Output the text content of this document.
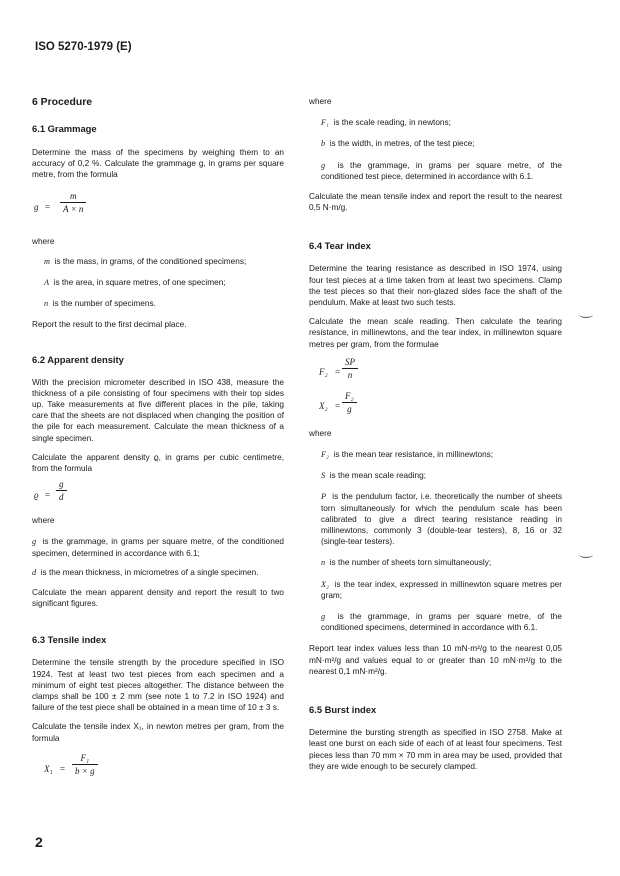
ISO 5270-1979 (E)
6 Procedure
6.1 Grammage

Determine the mass of the specimens by weighing them to an accuracy of 0,2 %. Calculate the grammage g, in grams per square metre, from the formula

$g = \frac{m}{A \times n}$

where

m is the mass, in grams, of the conditioned specimens;

A is the area, in square metres, of one specimen;

n is the number of specimens.

Report the result to the first decimal place.

6.2 Apparent density

With the precision micrometer described in ISO 438, measure the thickness of a pile consisting of four specimens with their top sides up. Take measurements at five different places in the pile, taking care that the sheets are not displaced when changing the position of the pile for each measurement. Calculate the mean thickness of a single specimen.

Calculate the apparent density ϱ, in grams per cubic centimetre, from the formula

$ϱ = \frac{g}{d}$

where

g is the grammage, in grams per square metre, of the conditioned specimen, determined in accordance with 6.1;

d is the mean thickness, in micrometres of a single specimen.

Calculate the mean apparent density and report the result to two significant figures.

6.3 Tensile index

Determine the tensile strength by the procedure specified in ISO 1924. Test at least two test pieces from each specimen and a minimum of eight test pieces altogether. The distance between the clamps shall be 100 ± 2 mm (see note 1 to 7.2 in ISO 1924) and failure of the test piece shall be obtained in a mean time of 10 ± 3 s.

Calculate the tensile index X₁, in newton metres per gram, from the formula

$X_1 = \frac{\text{F₁}}{b \times g}$

where

F₁ is the scale reading, in newtons;

b is the width, in metres, of the test piece;

g is the grammage, in grams per square metre, of the conditioned test piece, determined in accordance with 6.1.

Calculate the mean tensile index and report the result to the nearest 0,5 N·m/g.

6.4 Tear index

Determine the tearing resistance as described in ISO 1974, using four test pieces at a time taken from at least two specimens. Clamp the test pieces so that their non-glazed sides face the shaft of the pendulum. Make at least two such tests.

Calculate the mean scale reading. Then calculate the tearing resistance, in millinewtons, and the tear index, in millinewton square metres per gram, from the formulae

$F_2 = \frac{SP}{n}$
$X_2 = \frac{\text{F₂}}{g}$

where

F₂ is the mean tear resistance, in millinewtons;

S is the mean scale reading;

P is the pendulum factor, i.e. theoretically the number of sheets torn simultaneously for which the pendulum scale has been calibrated to give a direct tearing resistance reading in millinewtons, commonly 3 (double-tear testers), 8, 16 or 32 (single-tear testers).

n is the number of sheets torn simultaneously;

X₂ is the tear index, expressed in millinewton square metres per gram;

g is the grammage, in grams per square metre, of the conditioned specimens, determined in accordance with 6.1.

Report tear index values less than 10 mN·m²/g to the nearest 0,05 mN·m²/g and values equal to or greater than 10 mN·m²/g to the nearest 0,1 mN·m²/g.

6.5 Burst index

Determine the bursting strength as specified in ISO 2758. Make at least one burst on each side of each of at least four specimens. Test pieces less than 70 mm × 70 mm in area may be used, provided that they are wide enough to be securely clamped.

2
